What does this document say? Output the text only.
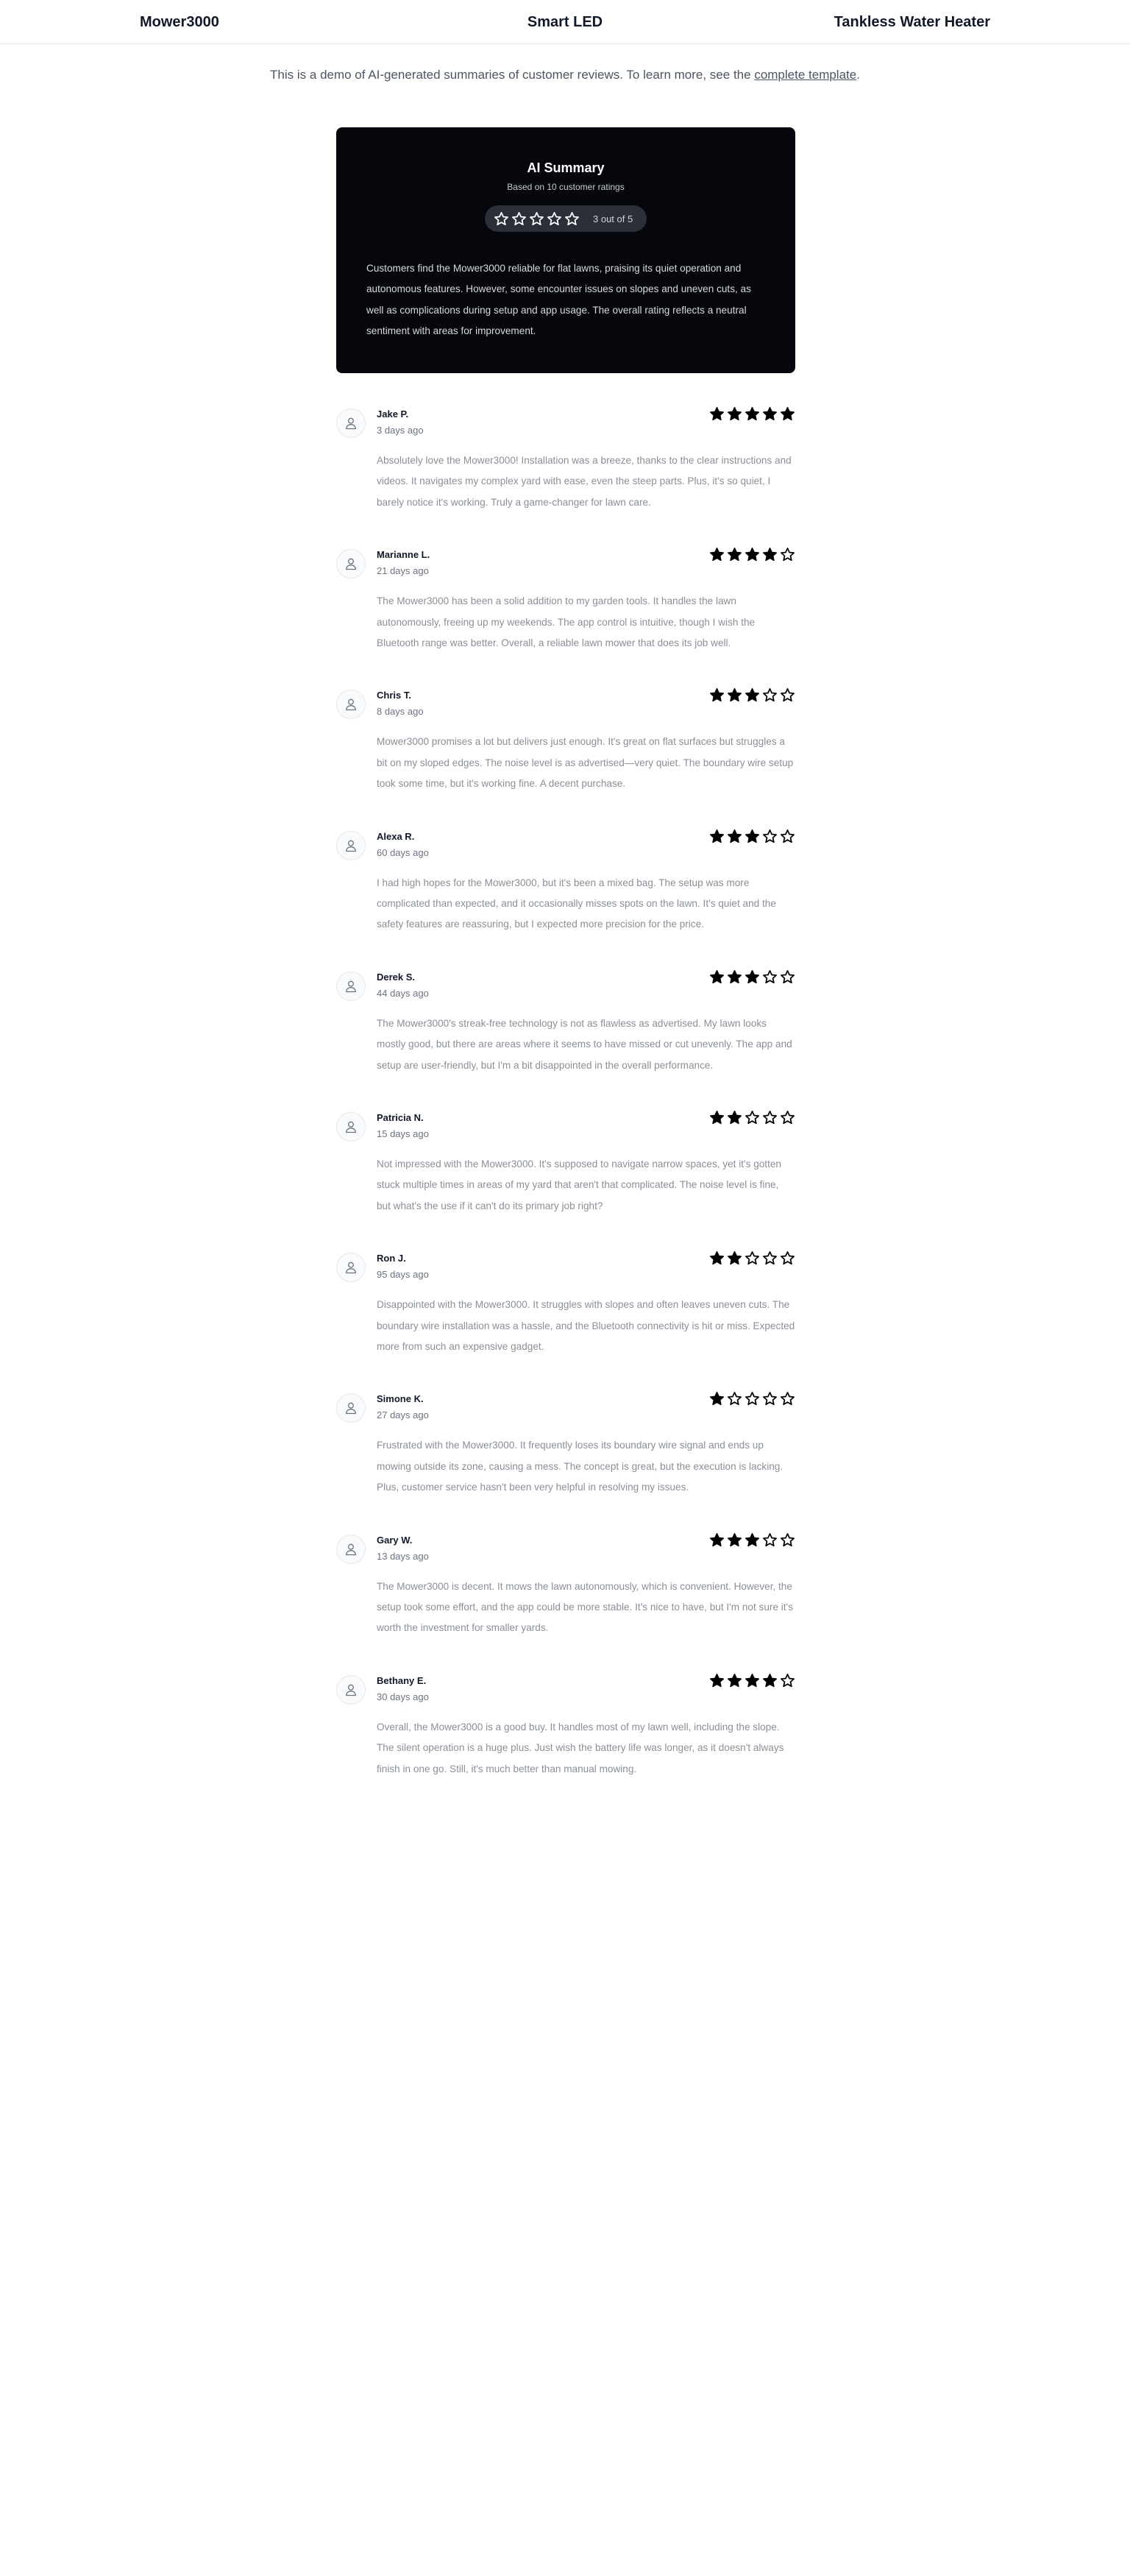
Mower3000	Smart LED	Tankless Water Heater
This is a demo of AI-generated summaries of customer reviews. To learn more, see the complete template.
AI Summary
Based on 10 customer ratings
3 out of 5
Customers find the Mower3000 reliable for flat lawns, praising its quiet operation and autonomous features. However, some encounter issues on slopes and uneven cuts, as well as complications during setup and app usage. The overall rating reflects a neutral sentiment with areas for improvement.
Jake P.
3 days ago
Absolutely love the Mower3000! Installation was a breeze, thanks to the clear instructions and videos. It navigates my complex yard with ease, even the steep parts. Plus, it's so quiet, I barely notice it's working. Truly a game-changer for lawn care.
Marianne L.
21 days ago
The Mower3000 has been a solid addition to my garden tools. It handles the lawn autonomously, freeing up my weekends. The app control is intuitive, though I wish the Bluetooth range was better. Overall, a reliable lawn mower that does its job well.
Chris T.
8 days ago
Mower3000 promises a lot but delivers just enough. It's great on flat surfaces but struggles a bit on my sloped edges. The noise level is as advertised—very quiet. The boundary wire setup took some time, but it's working fine. A decent purchase.
Alexa R.
60 days ago
I had high hopes for the Mower3000, but it's been a mixed bag. The setup was more complicated than expected, and it occasionally misses spots on the lawn. It's quiet and the safety features are reassuring, but I expected more precision for the price.
Derek S.
44 days ago
The Mower3000's streak-free technology is not as flawless as advertised. My lawn looks mostly good, but there are areas where it seems to have missed or cut unevenly. The app and setup are user-friendly, but I'm a bit disappointed in the overall performance.
Patricia N.
15 days ago
Not impressed with the Mower3000. It's supposed to navigate narrow spaces, yet it's gotten stuck multiple times in areas of my yard that aren't that complicated. The noise level is fine, but what's the use if it can't do its primary job right?
Ron J.
95 days ago
Disappointed with the Mower3000. It struggles with slopes and often leaves uneven cuts. The boundary wire installation was a hassle, and the Bluetooth connectivity is hit or miss. Expected more from such an expensive gadget.
Simone K.
27 days ago
Frustrated with the Mower3000. It frequently loses its boundary wire signal and ends up mowing outside its zone, causing a mess. The concept is great, but the execution is lacking. Plus, customer service hasn't been very helpful in resolving my issues.
Gary W.
13 days ago
The Mower3000 is decent. It mows the lawn autonomously, which is convenient. However, the setup took some effort, and the app could be more stable. It's nice to have, but I'm not sure it's worth the investment for smaller yards.
Bethany E.
30 days ago
Overall, the Mower3000 is a good buy. It handles most of my lawn well, including the slope. The silent operation is a huge plus. Just wish the battery life was longer, as it doesn't always finish in one go. Still, it's much better than manual mowing.
